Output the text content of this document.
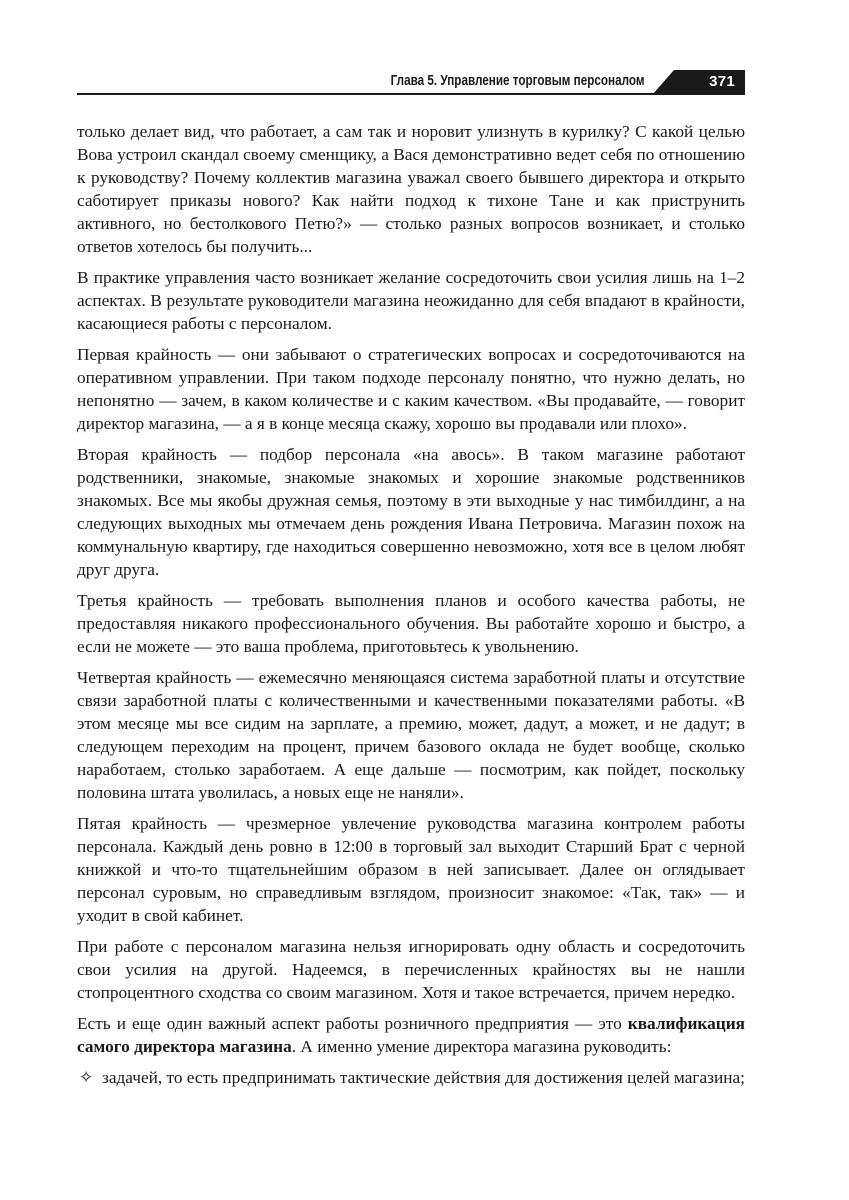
Глава 5. Управление торговым персоналом	371

только делает вид, что работает, а сам так и норовит улизнуть в курилку? С какой целью Вова устроил скандал своему сменщику, а Вася демонстративно ведет себя по отношению к руководству? Почему коллектив магазина уважал своего бывшего директора и открыто саботирует приказы нового? Как найти подход к тихоне Тане и как приструнить активного, но бестолкового Петю?» — столько разных вопросов возникает, и столько ответов хотелось бы получить...

В практике управления часто возникает желание сосредоточить свои усилия лишь на 1–2 аспектах. В результате руководители магазина неожиданно для себя впадают в крайности, касающиеся работы с персоналом.

Первая крайность — они забывают о стратегических вопросах и сосредоточиваются на оперативном управлении. При таком подходе персоналу понятно, что нужно делать, но непонятно — зачем, в каком количестве и с каким качеством. «Вы продавайте, — говорит директор магазина, — а я в конце месяца скажу, хорошо вы продавали или плохо».

Вторая крайность — подбор персонала «на авось». В таком магазине работают родственники, знакомые, знакомые знакомых и хорошие знакомые родственников знакомых. Все мы якобы дружная семья, поэтому в эти выходные у нас тимбилдинг, а на следующих выходных мы отмечаем день рождения Ивана Петровича. Магазин похож на коммунальную квартиру, где находиться совершенно невозможно, хотя все в целом любят друг друга.

Третья крайность — требовать выполнения планов и особого качества работы, не предоставляя никакого профессионального обучения. Вы работайте хорошо и быстро, а если не можете — это ваша проблема, приготовьтесь к увольнению.

Четвертая крайность — ежемесячно меняющаяся система заработной платы и отсутствие связи заработной платы с количественными и качественными показателями работы. «В этом месяце мы все сидим на зарплате, а премию, может, дадут, а может, и не дадут; в следующем переходим на процент, причем базового оклада не будет вообще, сколько наработаем, столько заработаем. А еще дальше — посмотрим, как пойдет, поскольку половина штата уволилась, а новых еще не наняли».

Пятая крайность — чрезмерное увлечение руководства магазина контролем работы персонала. Каждый день ровно в 12:00 в торговый зал выходит Старший Брат с черной книжкой и что-то тщательнейшим образом в ней записывает. Далее он оглядывает персонал суровым, но справедливым взглядом, произносит знакомое: «Так, так» — и уходит в свой кабинет.

При работе с персоналом магазина нельзя игнорировать одну область и сосредоточить свои усилия на другой. Надеемся, в перечисленных крайностях вы не нашли стопроцентного сходства со своим магазином. Хотя и такое встречается, причем нередко.

Есть и еще один важный аспект работы розничного предприятия — это квалификация самого директора магазина. А именно умение директора магазина руководить:

✧ задачей, то есть предпринимать тактические действия для достижения целей магазина;
